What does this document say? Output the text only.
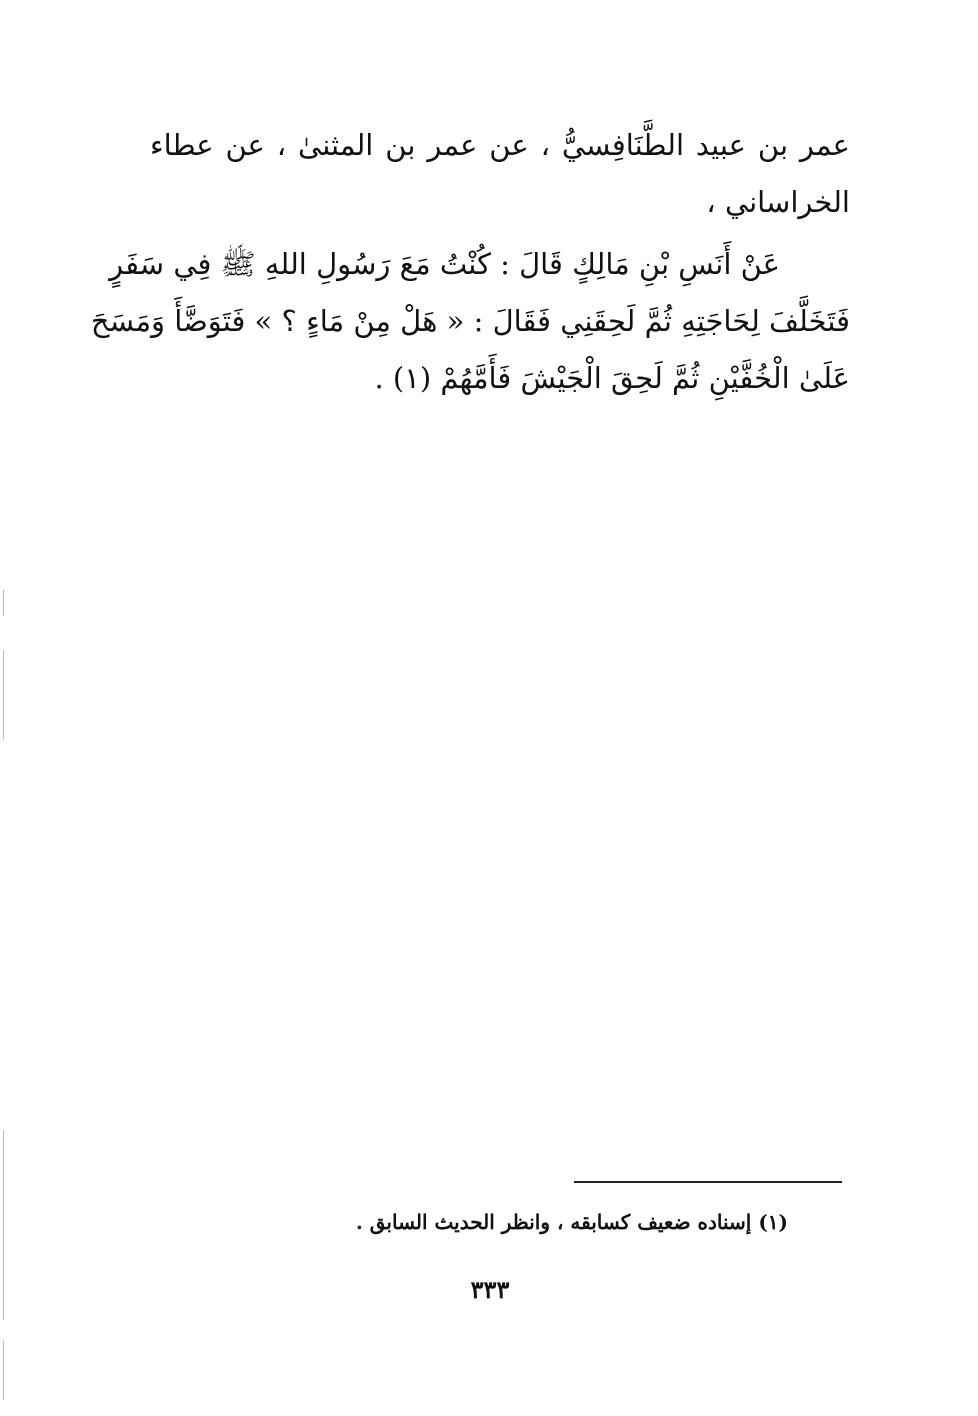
عمر بن عبيد الطَّنَافِسيُّ ، عن عمر بن المثنىٰ ، عن عطاء
الخراساني ،
عَنْ أَنَسِ بْنِ مَالِكٍ قَالَ : كُنْتُ مَعَ رَسُولِ اللهِ ﷺ فِي سَفَرٍ
فَتَخَلَّفَ لِحَاجَتِهِ ثُمَّ لَحِقَنِي فَقَالَ : « هَلْ مِنْ مَاءٍ ؟ » فَتَوَضَّأَ وَمَسَحَ
عَلَىٰ الْخُفَّيْنِ ثُمَّ لَحِقَ الْجَيْشَ فَأَمَّهُمْ (١) .
(١) إسناده ضعيف كسابقه ، وانظر الحديث السابق .
٣٣٣
